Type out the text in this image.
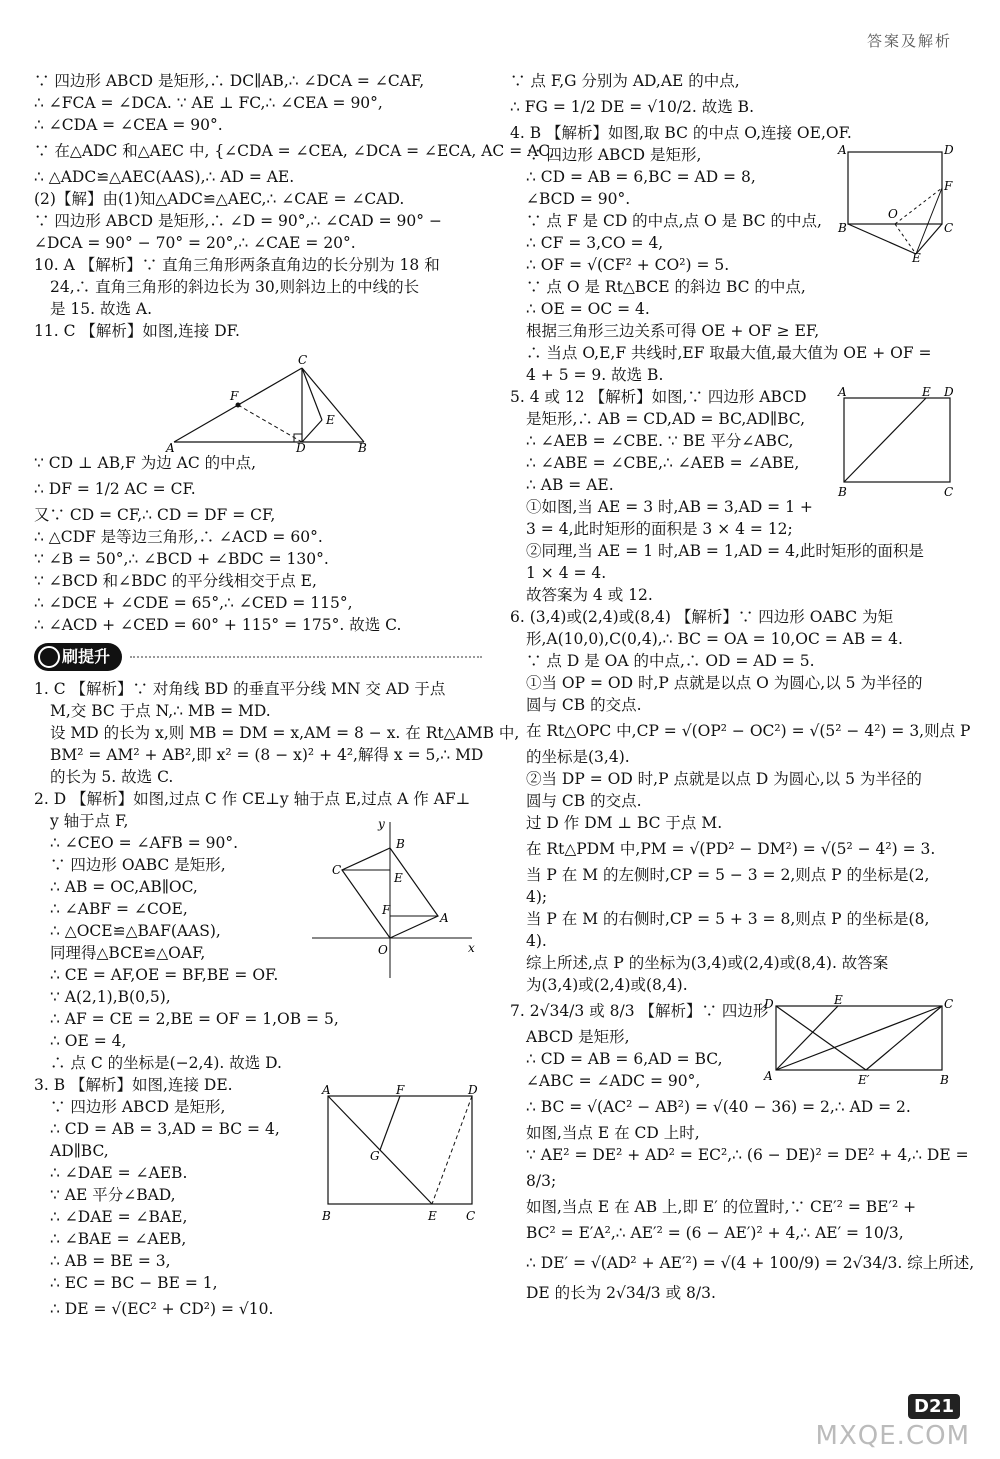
答案及解析
∵ 四边形 ABCD 是矩形,∴ DC∥AB,∴ ∠DCA = ∠CAF,
∴ ∠FCA = ∠DCA. ∵ AE ⊥ FC,∴ ∠CEA = 90°,
∴ ∠CDA = ∠CEA = 90°.
∵ 在△ADC 和△AEC 中, {∠CDA = ∠CEA, ∠DCA = ∠ECA, AC = AC,
∴ △ADC≌△AEC(AAS),∴ AD = AE.
(2)【解】由(1)知△ADC≌△AEC,∴ ∠CAE = ∠CAD.
∵ 四边形 ABCD 是矩形,∴ ∠D = 90°,∴ ∠CAD = 90° −
∠DCA = 90° − 70° = 20°,∴ ∠CAE = 20°.
10. A 【解析】∵ 直角三角形两条直角边的长分别为 18 和
24,∴ 直角三角形的斜边长为 30,则斜边上的中线的长
是 15. 故选 A.
11. C 【解析】如图,连接 DF.
A	D	B
C
F
E
∵ CD ⊥ AB,F 为边 AC 的中点,
∴ DF = 1/2 AC = CF.
又∵ CD = CF,∴ CD = DF = CF,
∴ △CDF 是等边三角形,∴ ∠ACD = 60°.
∵ ∠B = 50°,∴ ∠BCD + ∠BDC = 130°.
∵ ∠BCD 和∠BDC 的平分线相交于点 E,
∴ ∠DCE + ∠CDE = 65°,∴ ∠CED = 115°,
∴ ∠ACD + ∠CED = 60° + 115° = 175°. 故选 C.
刷提升
1. C 【解析】∵ 对角线 BD 的垂直平分线 MN 交 AD 于点
M,交 BC 于点 N,∴ MB = MD.
设 MD 的长为 x,则 MB = DM = x,AM = 8 − x. 在 Rt△AMB 中,
BM² = AM² + AB²,即 x² = (8 − x)² + 4²,解得 x = 5,∴ MD
的长为 5. 故选 C.
2. D 【解析】如图,过点 C 作 CE⊥y 轴于点 E,过点 A 作 AF⊥
y 轴于点 F,
∴ ∠CEO = ∠AFB = 90°.
∵ 四边形 OABC 是矩形,
∴ AB = OC,AB∥OC,
∴ ∠ABF = ∠COE,
∴ △OCE≌△BAF(AAS),
同理得△BCE≌△OAF,
∴ CE = AF,OE = BF,BE = OF.
∵ A(2,1),B(0,5),
∴ AF = CE = 2,BE = OF = 1,OB = 5,
∴ OE = 4,
∴ 点 C 的坐标是(−2,4). 故选 D.
y
x
O
B
C
E
F
A
3. B 【解析】如图,连接 DE.
∵ 四边形 ABCD 是矩形,
∴ CD = AB = 3,AD = BC = 4,
AD∥BC,
∴ ∠DAE = ∠AEB.
∵ AE 平分∠BAD,
∴ ∠DAE = ∠BAE,
∴ ∠BAE = ∠AEB,
∴ AB = BE = 3,
∴ EC = BC − BE = 1,
∴ DE = √(EC² + CD²) = √10.
A	F	D
G
B	E C
∵ 点 F,G 分别为 AD,AE 的中点,
∴ FG = 1/2 DE = √10/2. 故选 B.
4. B 【解析】如图,取 BC 的中点 O,连接 OE,OF.
∵ 四边形 ABCD 是矩形,
∴ CD = AB = 6,BC = AD = 8,
∠BCD = 90°.
∵ 点 F 是 CD 的中点,点 O 是 BC 的中点,
∴ CF = 3,CO = 4,
∴ OF = √(CF² + CO²) = 5.
A	D
F
O
B	C
E
∵ 点 O 是 Rt△BCE 的斜边 BC 的中点,
∴ OE = OC = 4.
根据三角形三边关系可得 OE + OF ≥ EF,
∴ 当点 O,E,F 共线时,EF 取最大值,最大值为 OE + OF =
4 + 5 = 9. 故选 B.
5. 4 或 12 【解析】如图,∵ 四边形 ABCD
是矩形,∴ AB = CD,AD = BC,AD∥BC,
∴ ∠AEB = ∠CBE. ∵ BE 平分∠ABC,
∴ ∠ABE = ∠CBE,∴ ∠AEB = ∠ABE,
∴ AB = AE.
①如图,当 AE = 3 时,AB = 3,AD = 1 +
3 = 4,此时矩形的面积是 3 × 4 = 12;
A	E D
B	C
②同理,当 AE = 1 时,AB = 1,AD = 4,此时矩形的面积是
1 × 4 = 4.
故答案为 4 或 12.
6. (3,4)或(2,4)或(8,4) 【解析】∵ 四边形 OABC 为矩
形,A(10,0),C(0,4),∴ BC = OA = 10,OC = AB = 4.
∵ 点 D 是 OA 的中点,∴ OD = AD = 5.
①当 OP = OD 时,P 点就是以点 O 为圆心,以 5 为半径的
圆与 CB 的交点.
在 Rt△OPC 中,CP = √(OP² − OC²) = √(5² − 4²) = 3,则点 P
的坐标是(3,4).
②当 DP = OD 时,P 点就是以点 D 为圆心,以 5 为半径的
圆与 CB 的交点.
过 D 作 DM ⊥ BC 于点 M.
在 Rt△PDM 中,PM = √(PD² − DM²) = √(5² − 4²) = 3.
当 P 在 M 的左侧时,CP = 5 − 3 = 2,则点 P 的坐标是(2,
4);
当 P 在 M 的右侧时,CP = 5 + 3 = 8,则点 P 的坐标是(8,
4).
综上所述,点 P 的坐标为(3,4)或(2,4)或(8,4). 故答案
为(3,4)或(2,4)或(8,4).
7. 2√34/3 或 8/3 【解析】∵ 四边形
ABCD 是矩形,
∴ CD = AB = 6,AD = BC,
∠ABC = ∠ADC = 90°,
D	E	C
A	E′	B
∴ BC = √(AC² − AB²) = √(40 − 36) = 2,∴ AD = 2.
如图,当点 E 在 CD 上时,
∵ AE² = DE² + AD² = EC²,∴ (6 − DE)² = DE² + 4,∴ DE =
8/3;
如图,当点 E 在 AB 上,即 E′ 的位置时,∵ CE′² = BE′² +
BC² = E′A²,∴ AE′² = (6 − AE′)² + 4,∴ AE′ = 10/3,
∴ DE′ = √(AD² + AE′²) = √(4 + 100/9) = 2√34/3. 综上所述,
DE 的长为 2√34/3 或 8/3.
D21
MXQE.COM
